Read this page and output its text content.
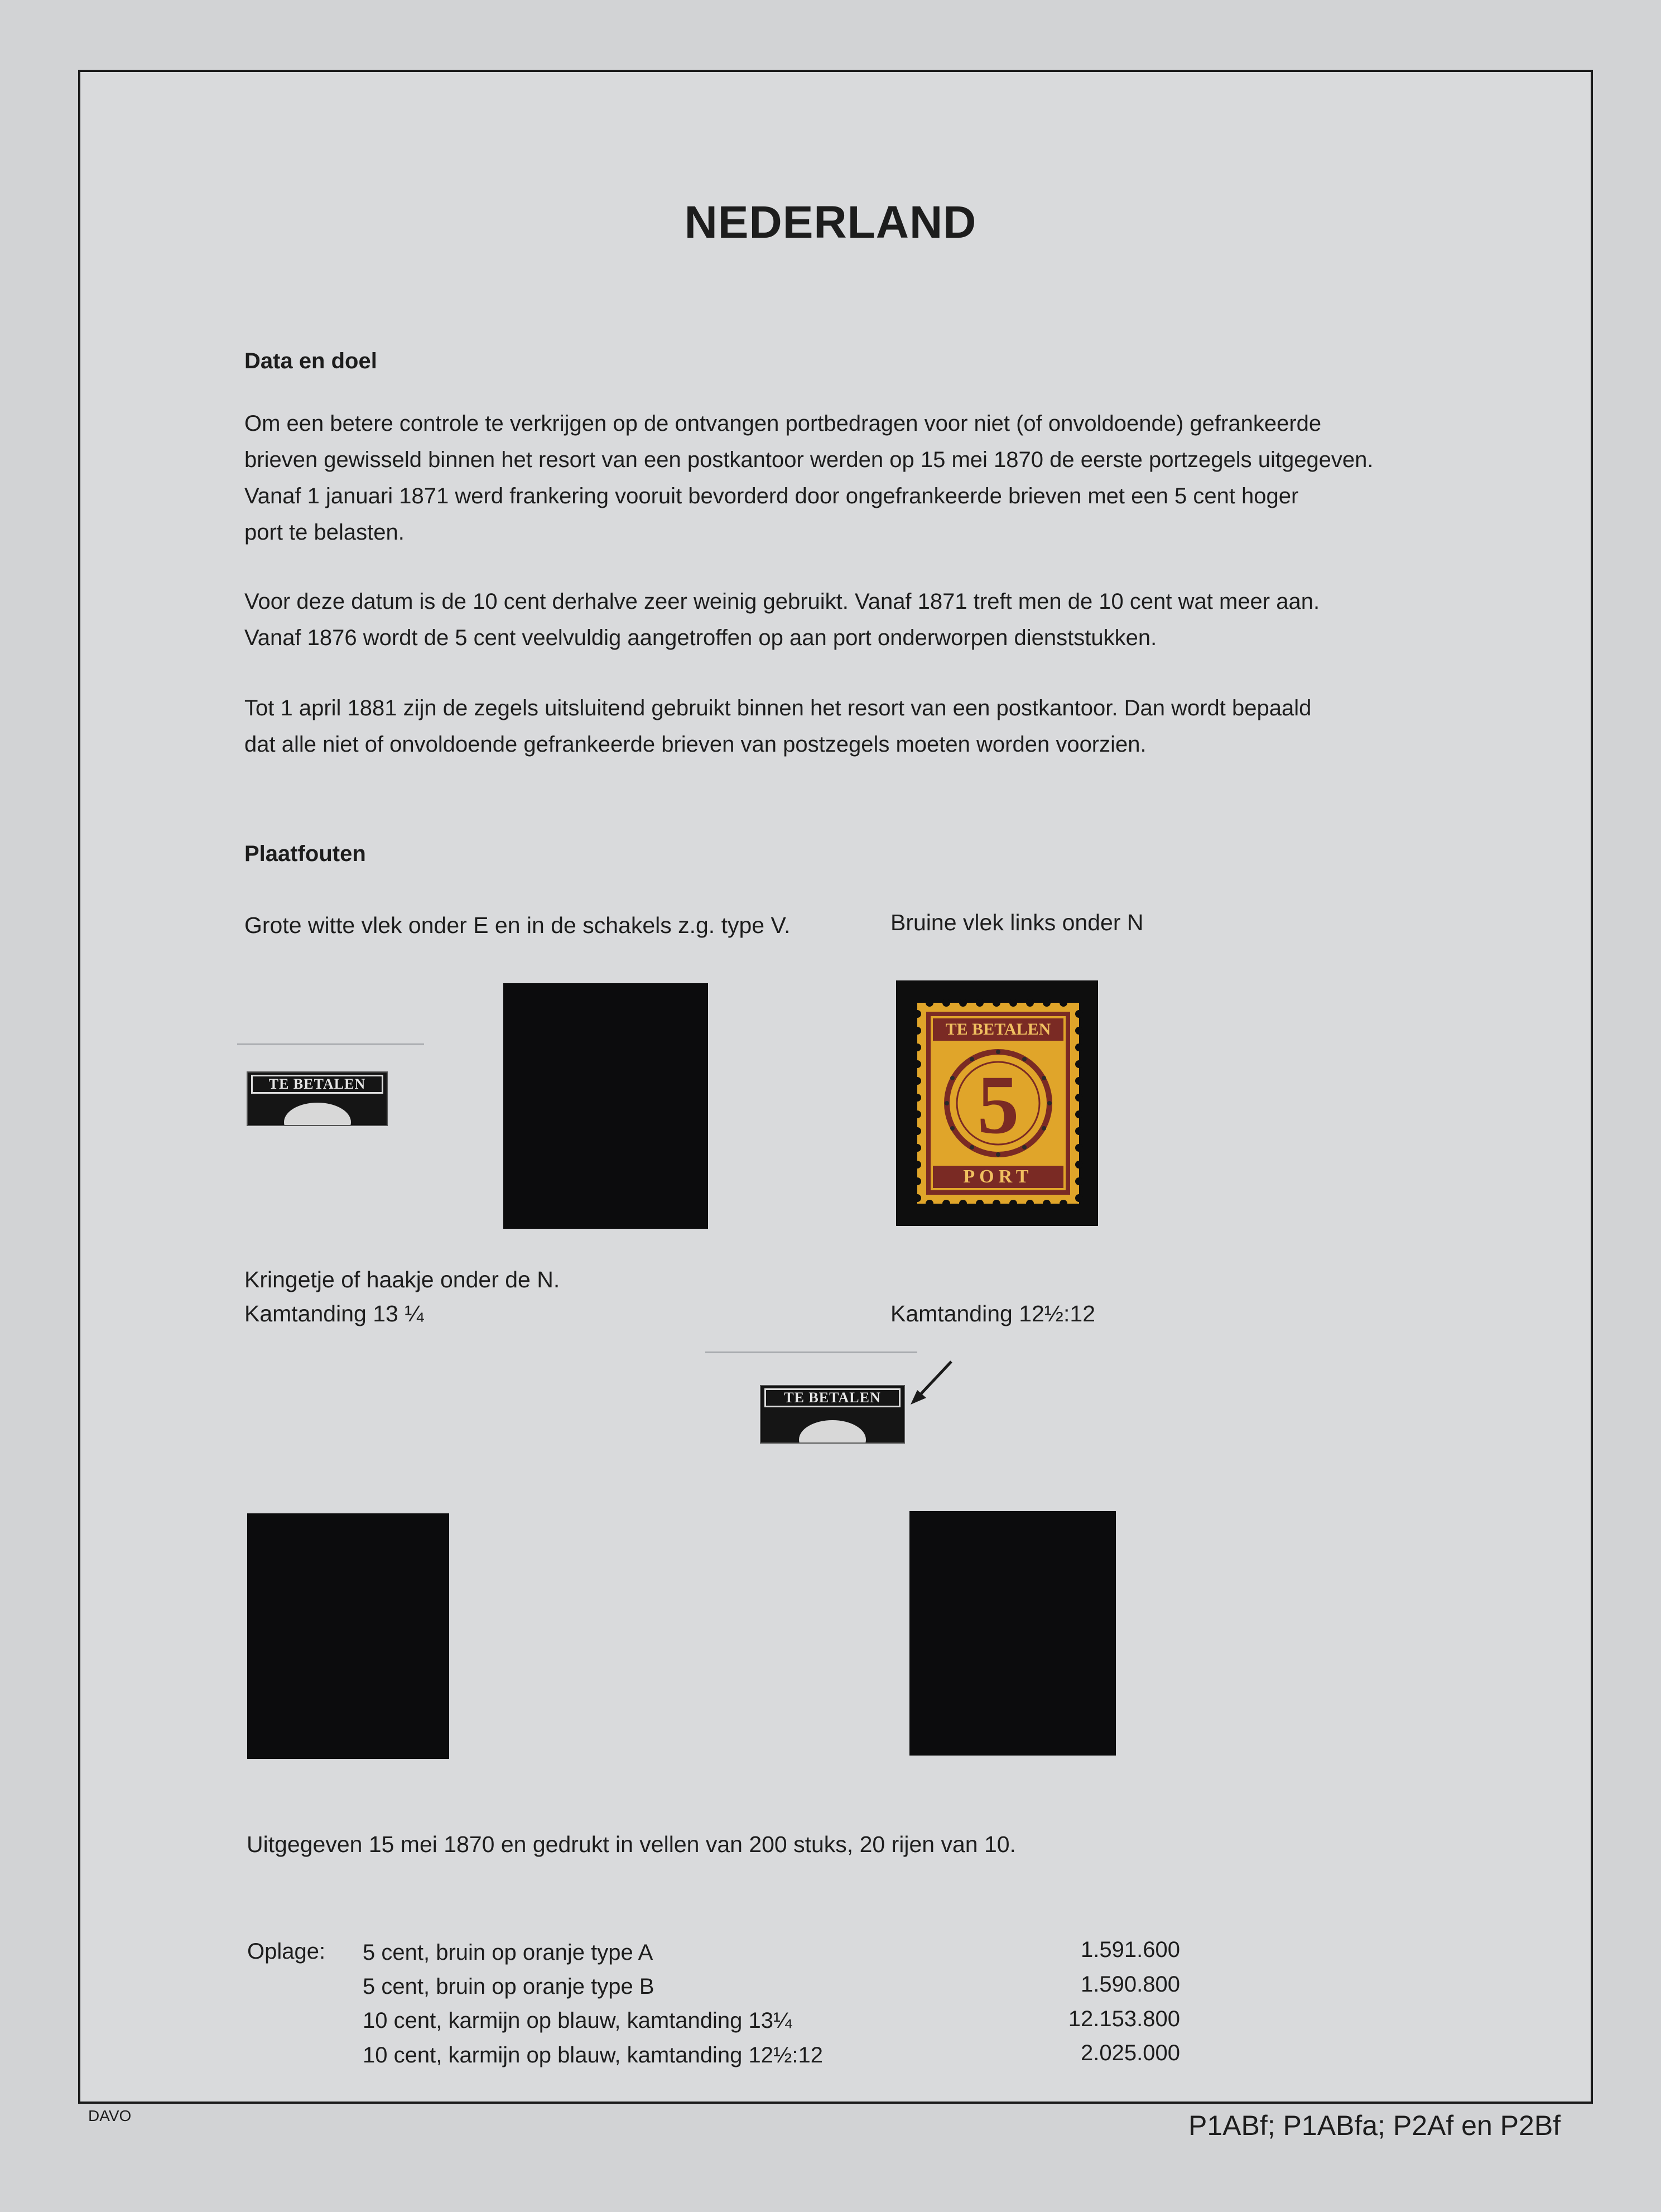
NEDERLAND
Data en doel
Om een betere controle te verkrijgen op de ontvangen portbedragen voor niet (of onvoldoende) gefrankeerde
brieven gewisseld binnen het resort van een postkantoor werden op 15 mei 1870 de eerste portzegels uitgegeven.
Vanaf 1 januari 1871 werd frankering vooruit bevorderd door ongefrankeerde brieven met een 5 cent hoger
port te belasten.
Voor deze datum is de 10 cent derhalve zeer weinig gebruikt. Vanaf 1871 treft men de 10 cent wat meer aan.
Vanaf 1876 wordt de 5 cent veelvuldig aangetroffen op aan port onderworpen dienststukken.
Tot 1 april 1881 zijn de zegels uitsluitend gebruikt binnen het resort van een postkantoor. Dan wordt bepaald
dat alle niet of onvoldoende gefrankeerde brieven van postzegels moeten worden voorzien.
Plaatfouten
Grote witte vlek onder E en in de schakels z.g. type V.	Bruine vlek links onder N
TE BETALEN
TE BETALEN
5
PORT
Kringetje of haakje onder de N.
Kamtanding 13 ¼	Kamtanding 12½:12
TE BETALEN
Uitgegeven 15 mei 1870 en gedrukt in vellen van 200 stuks, 20 rijen van 10.
Oplage: 5 cent, bruin op oranje type A	1.591.600
5 cent, bruin op oranje type B	1.590.800
10 cent, karmijn op blauw, kamtanding 13¼	12.153.800
10 cent, karmijn op blauw, kamtanding 12½:12	2.025.000
DAVO	P1ABf; P1ABfa; P2Af en P2Bf
